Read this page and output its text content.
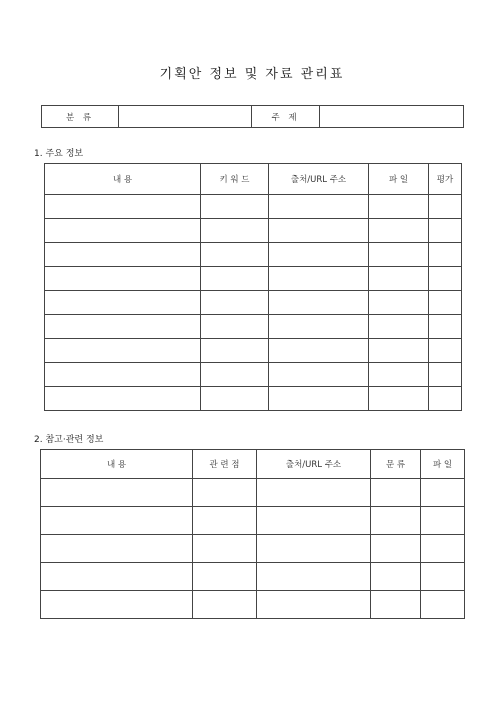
기획안 정보 및 자료 관리표
분 류		주 제	
1. 주요 정보
내 용	키 워 드	출처/URL 주소	파 일	평가

2. 참고·관련 정보
내 용	관 련 점	출처/URL 주소	문 류	파 일
